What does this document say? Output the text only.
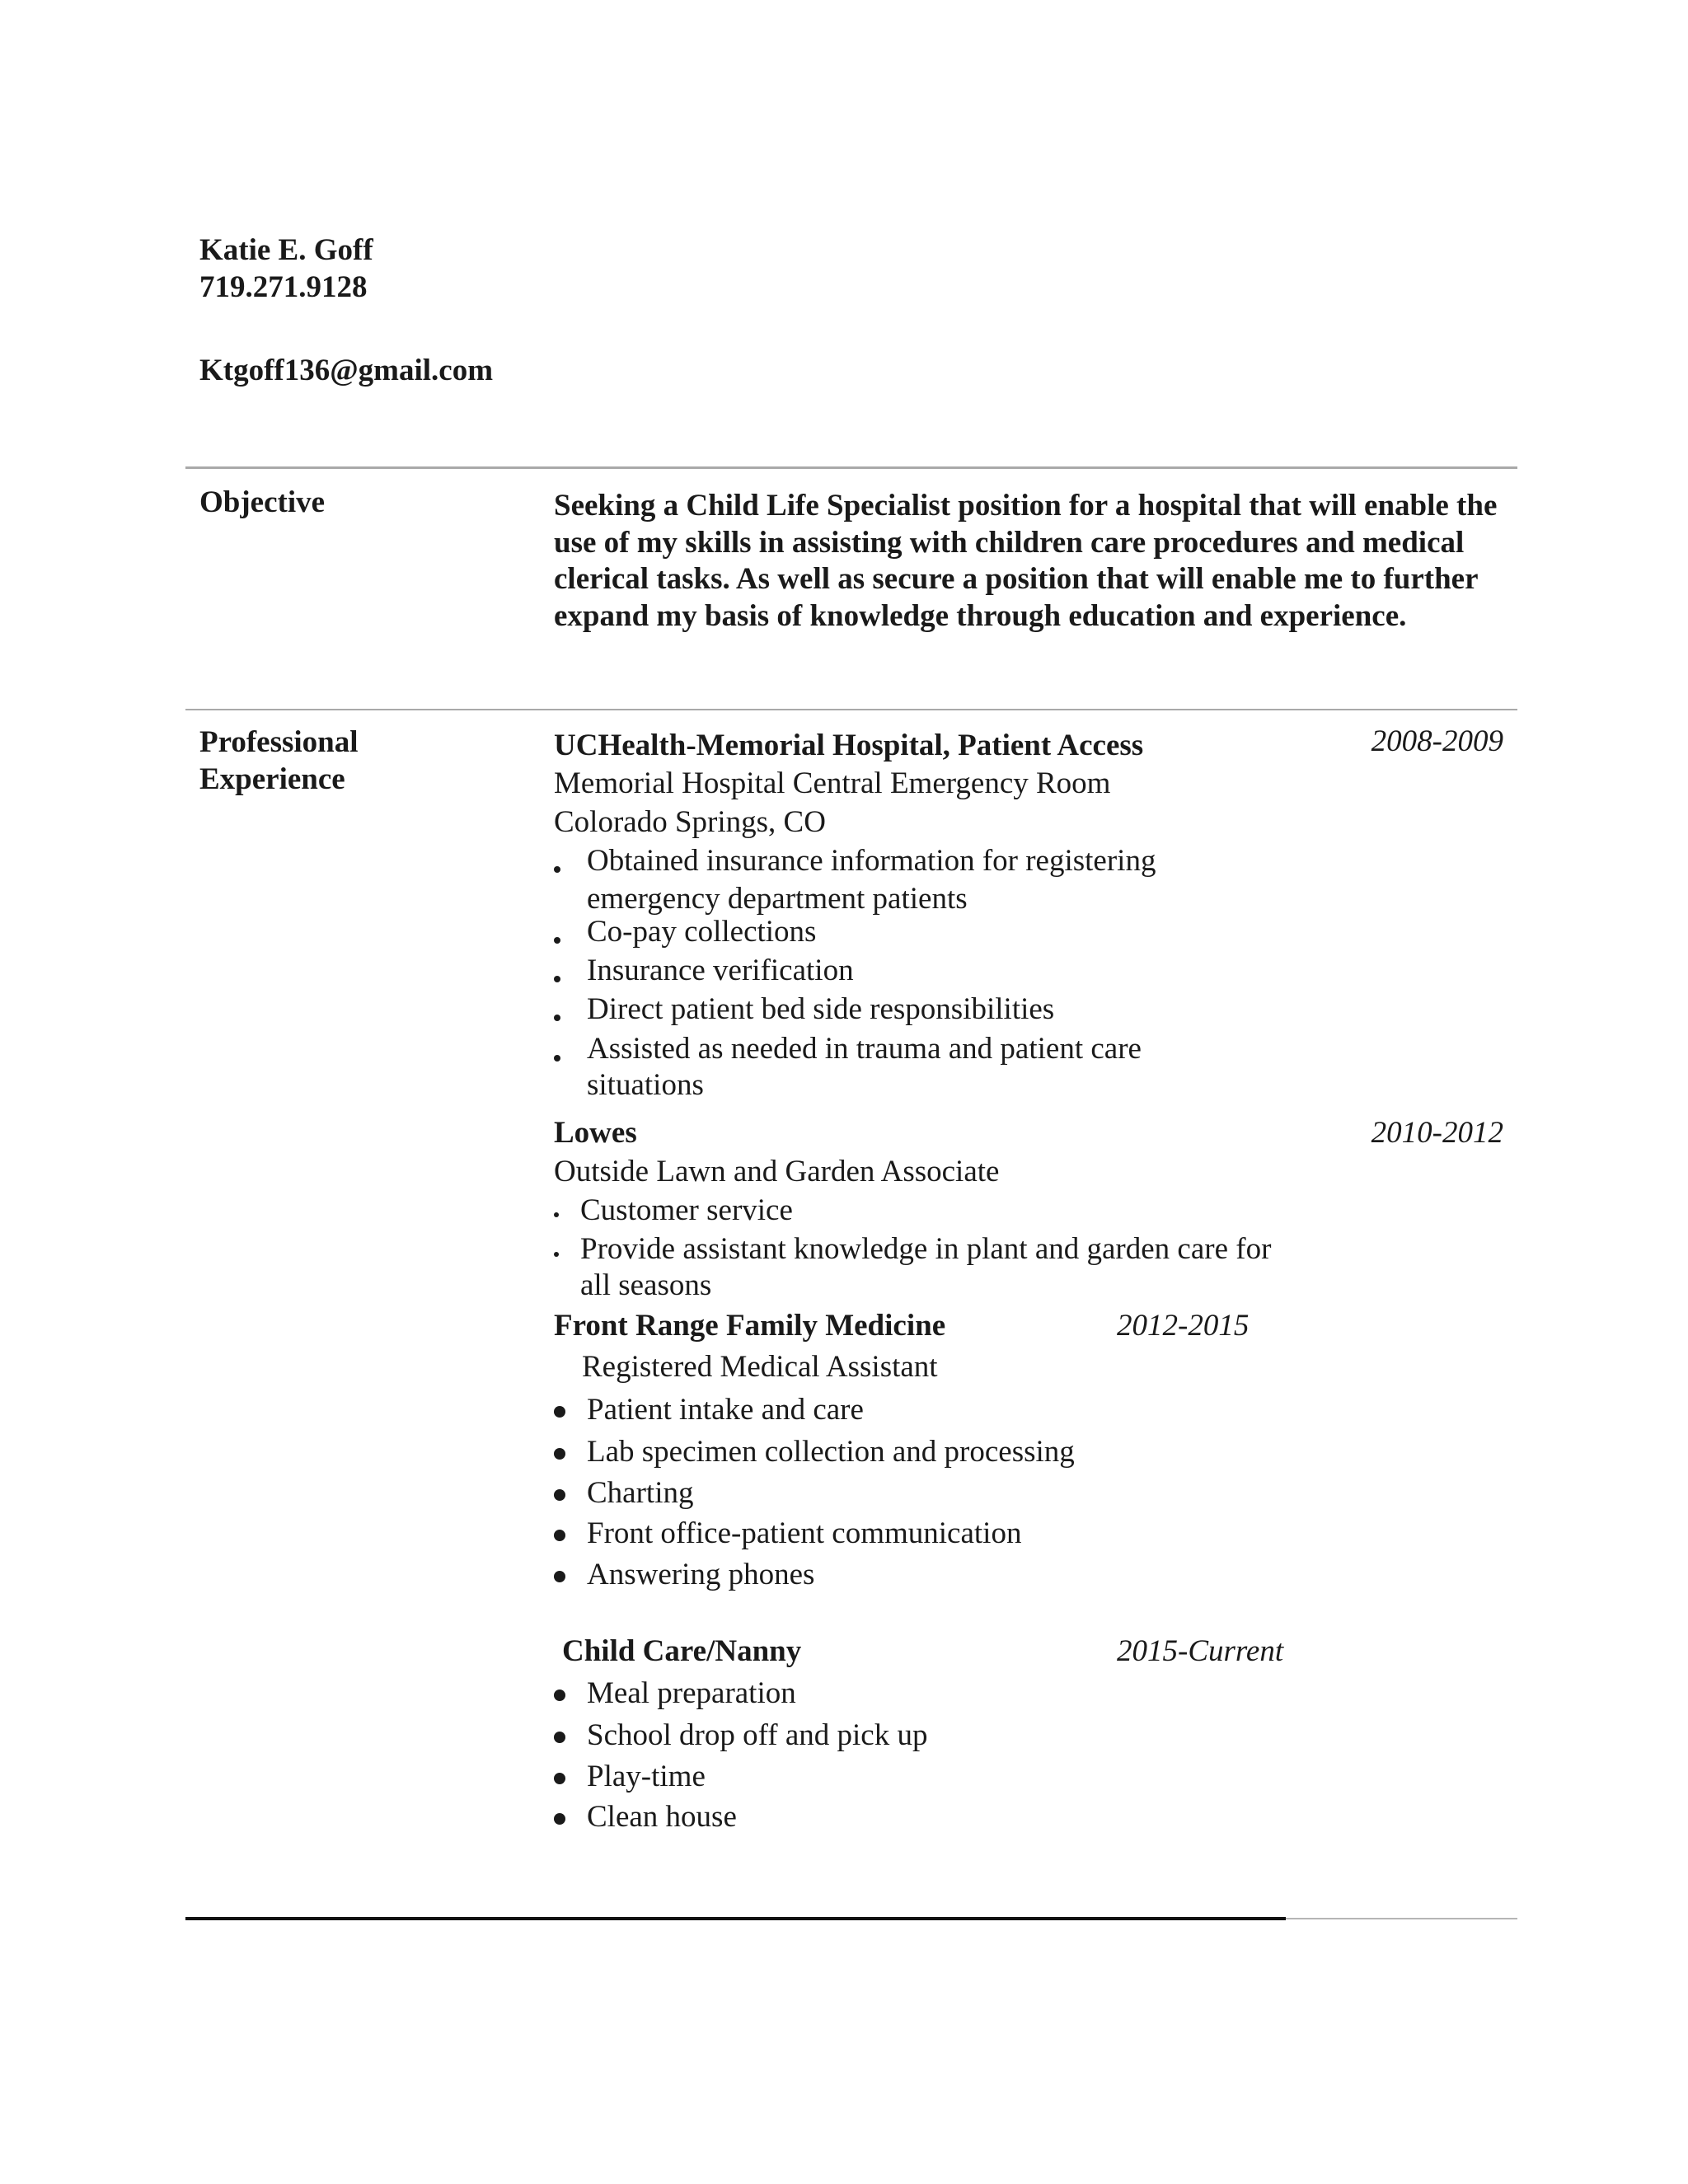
Katie E. Goff
719.271.9128
Ktgoff136@gmail.com
Objective	Seeking a Child Life Specialist position for a hospital that will enable the use of my skills in assisting with children care procedures and medical clerical tasks. As well as secure a position that will enable me to further expand my basis of knowledge through education and experience.
Professional
Experience
UCHealth-Memorial Hospital, Patient Access	2008-2009
Memorial Hospital Central Emergency Room
Colorado Springs, CO
Obtained insurance information for registering emergency department patients
Co-pay collections
Insurance verification
Direct patient bed side responsibilities
Assisted as needed in trauma and patient care situations
Lowes	2010-2012
Outside Lawn and Garden Associate
Customer service
Provide assistant knowledge in plant and garden care for all seasons
Front Range Family Medicine	2012-2015
Registered Medical Assistant
Patient intake and care
Lab specimen collection and processing
Charting
Front office-patient communication
Answering phones
Child Care/Nanny	2015-Current
Meal preparation
School drop off and pick up
Play-time
Clean house
